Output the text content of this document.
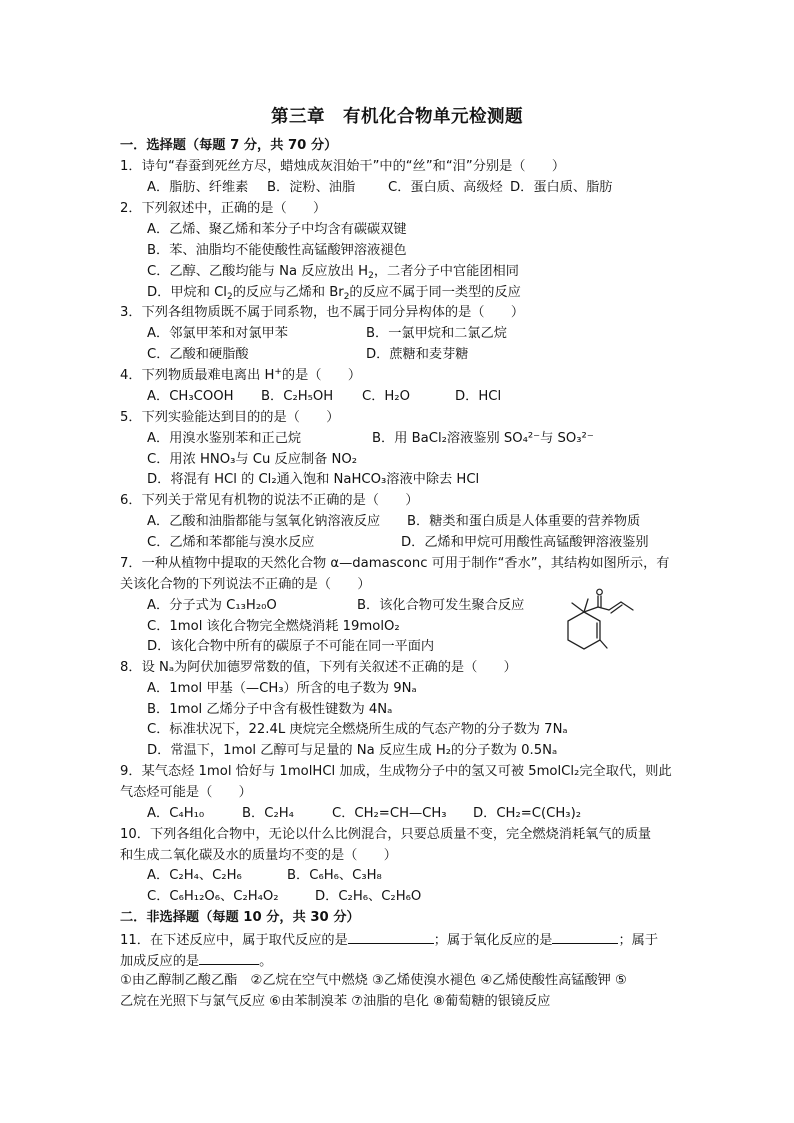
第三章　有机化合物单元检测题
一．选择题（每题 7 分，共 70 分）
1．诗句“春蚕到死丝方尽，蜡烛成灰泪始干”中的“丝”和“泪”分别是（　　）
A．脂肪、纤维素 B．淀粉、油脂 C．蛋白质、高级烃 D．蛋白质、脂肪
2．下列叙述中，正确的是（　　）
A．乙烯、聚乙烯和苯分子中均含有碳碳双键
B．苯、油脂均不能使酸性高锰酸钾溶液褪色
C．乙醇、乙酸均能与 Na 反应放出 $H_2$，二者分子中官能团相同
D．甲烷和 $Cl_2$的反应与乙烯和 $Br_2$的反应不属于同一类型的反应
3．下列各组物质既不属于同系物，也不属于同分异构体的是（　　）
A．邻氯甲苯和对氯甲苯	B．一氯甲烷和二氯乙烷
C．乙酸和硬脂酸	D．蔗糖和麦芽糖
4．下列物质最难电离出 H+的是（　　）
A．CH₃COOH B．C₂H₅OH C．H₂O	D．HCl
5．下列实验能达到目的的是（　　）
A．用溴水鉴别苯和正己烷	B．用 BaCl₂溶液鉴别 SO₄²⁻与 SO₃²⁻
C．用浓 HNO₃与 Cu 反应制备 NO₂
D．将混有 HCl 的 Cl₂通入饱和 NaHCO₃溶液中除去 HCl
6．下列关于常见有机物的说法不正确的是（　　）
A．乙酸和油脂都能与氢氧化钠溶液反应 B．糖类和蛋白质是人体重要的营养物质
C．乙烯和苯都能与溴水反应	D．乙烯和甲烷可用酸性高锰酸钾溶液鉴别
7．一种从植物中提取的天然化合物 α—damasconc 可用于制作“香水”，其结构如图所示，有
关该化合物的下列说法不正确的是（　　）
A．分子式为 C₁₃H₂₀O	B．该化合物可发生聚合反应
C．1mol 该化合物完全燃烧消耗 19molO₂
D．该化合物中所有的碳原子不可能在同一平面内
8．设 Nₐ为阿伏加德罗常数的值，下列有关叙述不正确的是（　　）
A．1mol 甲基（—CH₃）所含的电子数为 9Nₐ
B．1mol 乙烯分子中含有极性键数为 4Nₐ
C．标准状况下，22.4L 庚烷完全燃烧所生成的气态产物的分子数为 7Nₐ
D．常温下，1mol 乙醇可与足量的 Na 反应生成 H₂的分子数为 0.5Nₐ
9．某气态烃 1mol 恰好与 1molHCl 加成，生成物分子中的氢又可被 5molCl₂完全取代，则此
气态烃可能是（　　）
A．C₄H₁₀	B．C₂H₄	C．CH₂=CH—CH₃ D．CH₂=C(CH₃)₂
10．下列各组化合物中，无论以什么比例混合，只要总质量不变，完全燃烧消耗氧气的质量
和生成二氧化碳及水的质量均不变的是（　　）
A．C₂H₄、C₂H₆	B．C₆H₆、C₃H₈
C．C₆H₁₂O₆、C₂H₄O₂	D．C₂H₆、C₂H₆O
二．非选择题（每题 10 分，共 30 分）
11．在下述反应中，属于取代反应的是	；属于氧化反应的是	；属于
加成反应的是	。
①由乙醇制乙酸乙酯　②乙烷在空气中燃烧 ③乙烯使溴水褪色 ④乙烯使酸性高锰酸钾 ⑤
乙烷在光照下与氯气反应 ⑥由苯制溴苯 ⑦油脂的皂化 ⑧葡萄糖的银镜反应
